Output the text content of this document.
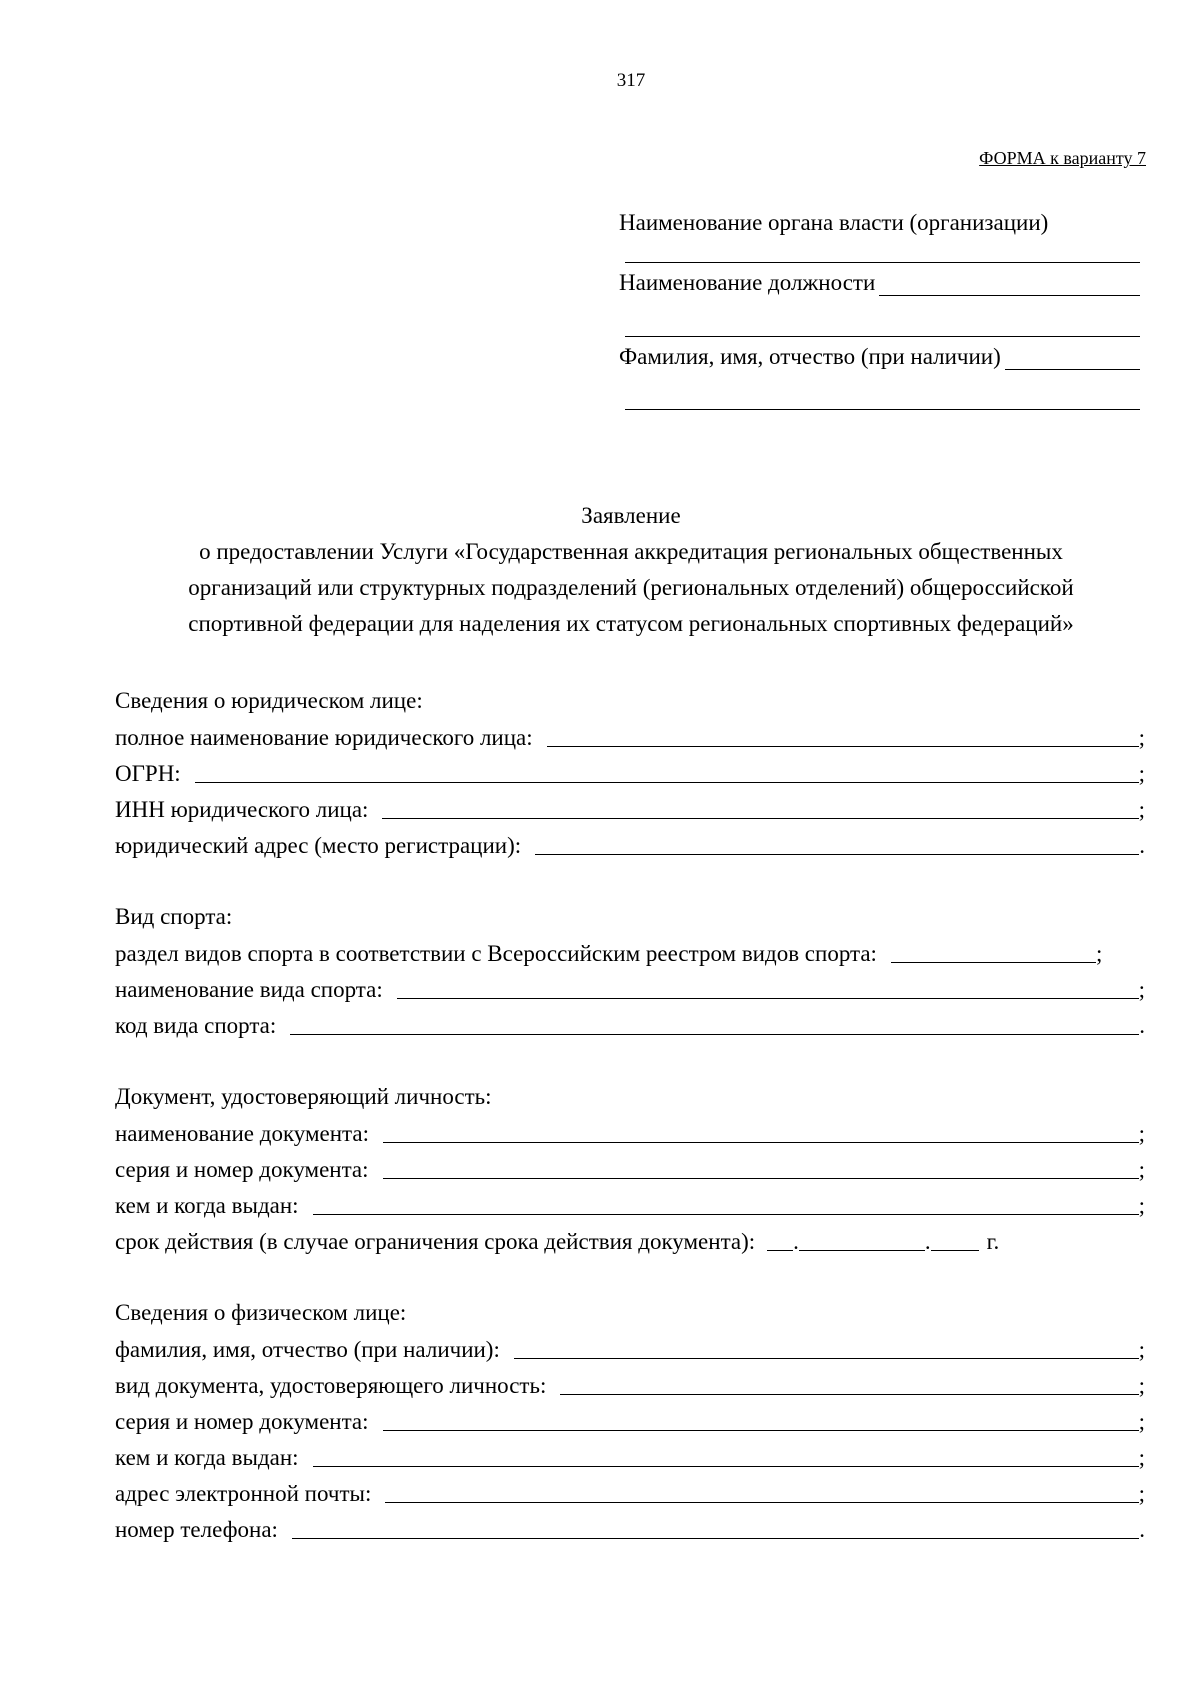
317
ФОРМА к варианту 7
Наименование органа власти (организации)
Наименование должности
Фамилия, имя, отчество (при наличии)
Заявление
о предоставлении Услуги «Государственная аккредитация региональных общественных
организаций или структурных подразделений (региональных отделений) общероссийской
спортивной федерации для наделения их статусом региональных спортивных федераций»
Сведения о юридическом лице:
полное наименование юридического лица:	;
ОГРН:	;
ИНН юридического лица:	;
юридический адрес (место регистрации):	.
Вид спорта:
раздел видов спорта в соответствии с Всероссийским реестром видов спорта:	;
наименование вида спорта:	;
код вида спорта:	.
Документ, удостоверяющий личность:
наименование документа:	;
серия и номер документа:	;
кем и когда выдан:	;
срок действия (в случае ограничения срока действия документа): .	. г.
Сведения о физическом лице:
фамилия, имя, отчество (при наличии):	;
вид документа, удостоверяющего личность:	;
серия и номер документа:	;
кем и когда выдан:	;
адрес электронной почты:	;
номер телефона:	.
